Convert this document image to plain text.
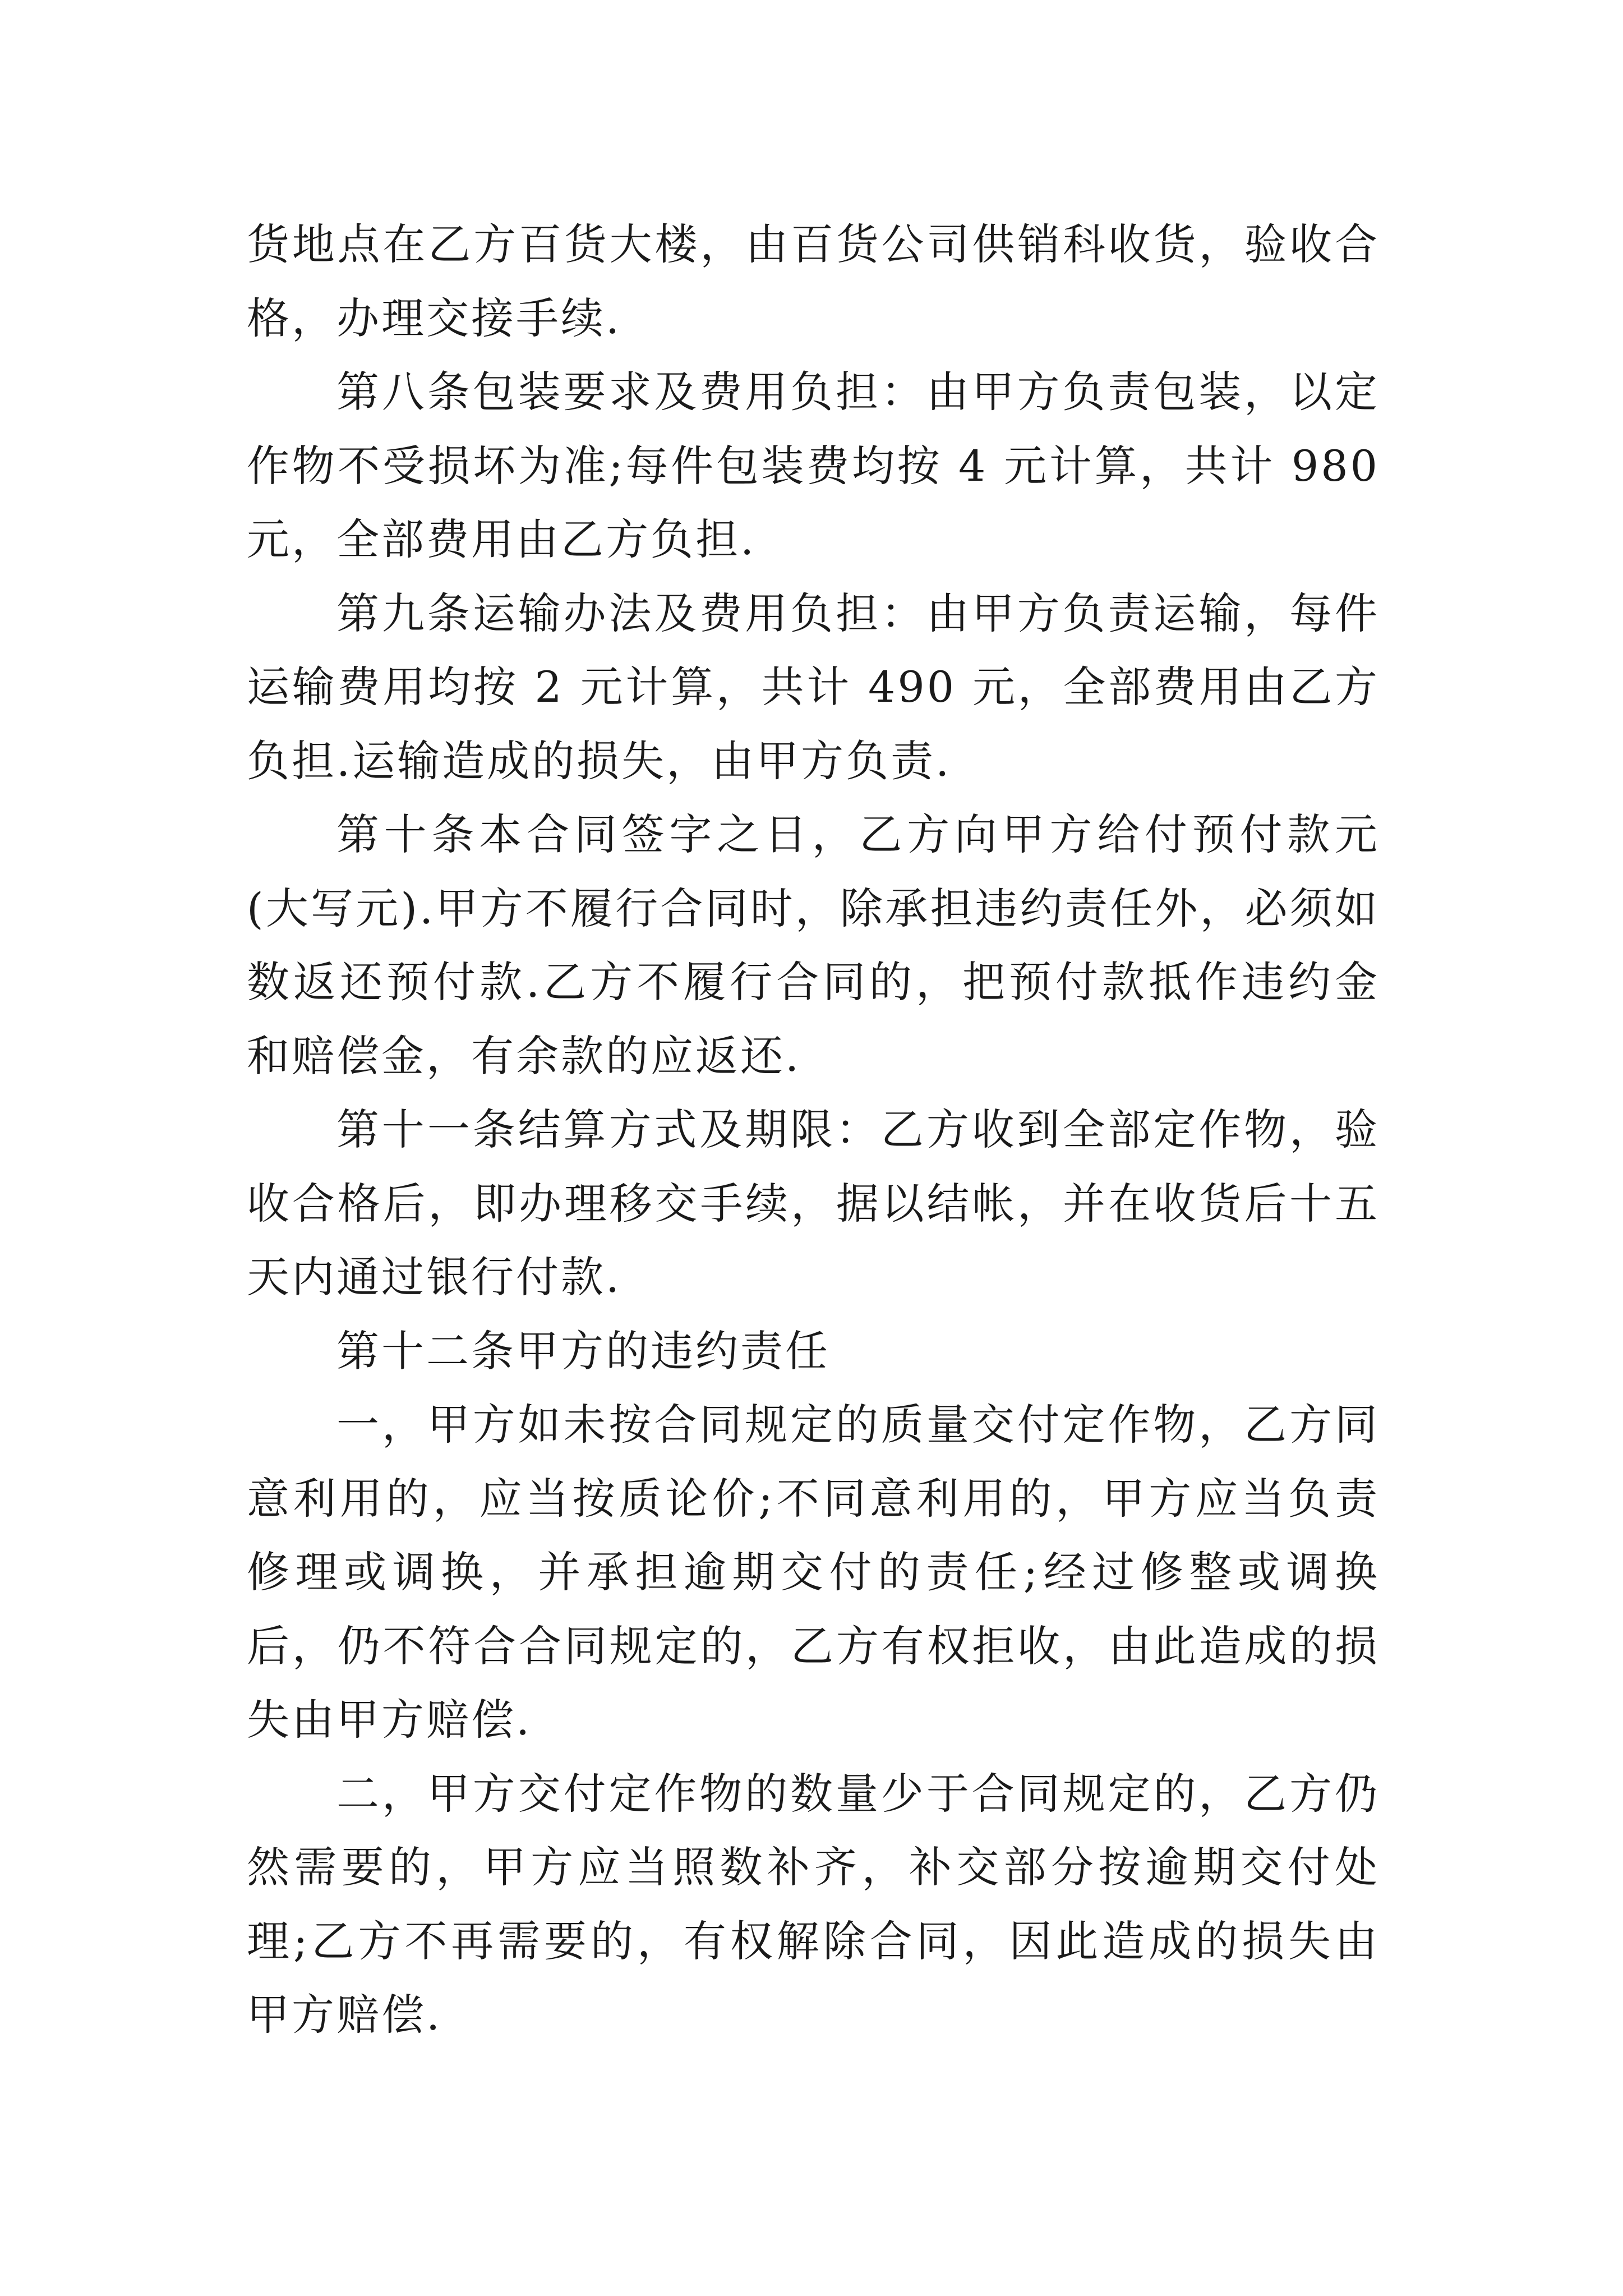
货地点在乙方百货大楼，由百货公司供销科收货，验收合格，办理交接手续.

第八条包装要求及费用负担：由甲方负责包装，以定作物不受损坏为准;每件包装费均按 4 元计算，共计 980 元，全部费用由乙方负担.

第九条运输办法及费用负担：由甲方负责运输，每件运输费用均按 2 元计算，共计 490 元，全部费用由乙方负担.运输造成的损失，由甲方负责.

第十条本合同签字之日，乙方向甲方给付预付款元(大写元).甲方不履行合同时，除承担违约责任外，必须如数返还预付款.乙方不履行合同的，把预付款抵作违约金和赔偿金，有余款的应返还.

第十一条结算方式及期限：乙方收到全部定作物，验收合格后，即办理移交手续，据以结帐，并在收货后十五天内通过银行付款.

第十二条甲方的违约责任

一，甲方如未按合同规定的质量交付定作物，乙方同意利用的，应当按质论价;不同意利用的，甲方应当负责修理或调换，并承担逾期交付的责任;经过修整或调换后，仍不符合合同规定的，乙方有权拒收，由此造成的损失由甲方赔偿.

二，甲方交付定作物的数量少于合同规定的，乙方仍然需要的，甲方应当照数补齐，补交部分按逾期交付处理;乙方不再需要的，有权解除合同，因此造成的损失由甲方赔偿.
